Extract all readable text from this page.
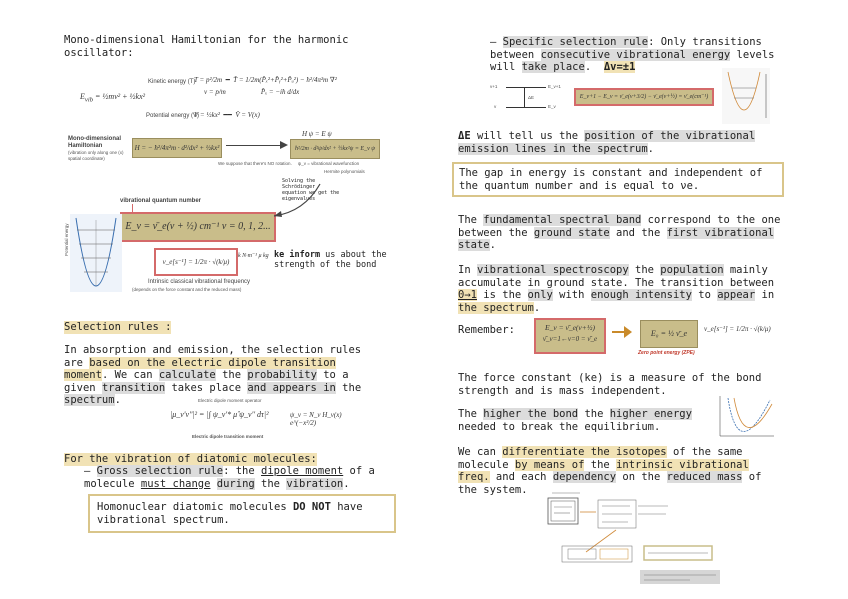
Mono-dimensional Hamiltonian for the harmonic oscillator:
$E_{vib}$ = ½mv² + ½kx²
Kinetic energy (T)
T = p²/2m  ━  T̂ = 1/2m(P̂ₓ²+P̂ᵧ²+P̂ᵤ²) − ħ²/4π²m ∇²
v = p/m                    P̂ₓ = −iħ d/dx
Potential energy (V)
V = ½kx²  ━━  V̂ = V(x)
Mono-dimensional Hamiltonian
(vibration only along one (x) spatial coordinate)
H = − ħ²/4π²m · d²/dx² + ½kx²
We suppose that there's NO rotation.
H ψ = E ψ
ħ²/2m · d²ψ/dx² + ½kx²ψ = E_v ψ
ψ_v = vibrational wavefunction
Hermite polynomials
Solving the Schrödinger equation we get the eigenvalues
vibrational quantum number
E_v = ν̄_e(v + ½) cm⁻¹ v = 0, 1, 2...
ν_e[s⁻¹] = 1/2π · √(k/μ)
k N·m⁻¹ μ kg
Intrinsic classical vibrational frequency
(depends on the force constant and the reduced mass)
Potential energy	ke inform us about the strength of the bond
Selection rules :
In absorption and emission, the selection rules are based on the electric dipole transition moment. We can calculate the probability to a given transition takes place and appears in the spectrum.	Electric dipole moment operator
|μ_v'v''|² = |∫ ψ_v'* μ̂ ψ_v'' dτ|²	ψ_v = N_v H_v(x) e^(−x²/2)
Electric dipole transition moment
For the vibration of diatomic molecules:
– Gross selection rule: the dipole moment of a molecule must change during the vibration.
Homonuclear diatomic molecules DO NOT have vibrational spectrum.
– Specific selection rule: Only transitions between consecutive vibrational energy levels will take place. Δv=±1
v+1
v
E_v+1
E_v
ΔE	E_v+1 − E_v = ν̄_e(v+3/2) − ν̄_e(v+½) = ν̄_e(cm⁻¹)
ΔE will tell us the position of the vibrational emission lines in the spectrum.
The gap in energy is constant and independent of the quantum number and is equal to νe.
The fundamental spectral band correspond to the one between the ground state and the first vibrational state.
In vibrational spectroscopy the population mainly accumulate in ground state. The transition between 0→1 is the only with enough intensity to appear in the spectrum.
Remember:	E_v = ν̄_e(v+½)
ν̄_v=1←v=0 = ν̄_e
E₀ = ½ ν̄_e
Zero point energy (ZPE)
ν_e[s⁻¹] = 1/2π · √(k/μ)
The force constant (ke) is a measure of the bond strength and is mass independent.
The higher the bond the higher energy needed to break the equilibrium.
We can differentiate the isotopes of the same molecule by means of the intrinsic vibrational freq. and each dependency on the reduced mass of the system.
